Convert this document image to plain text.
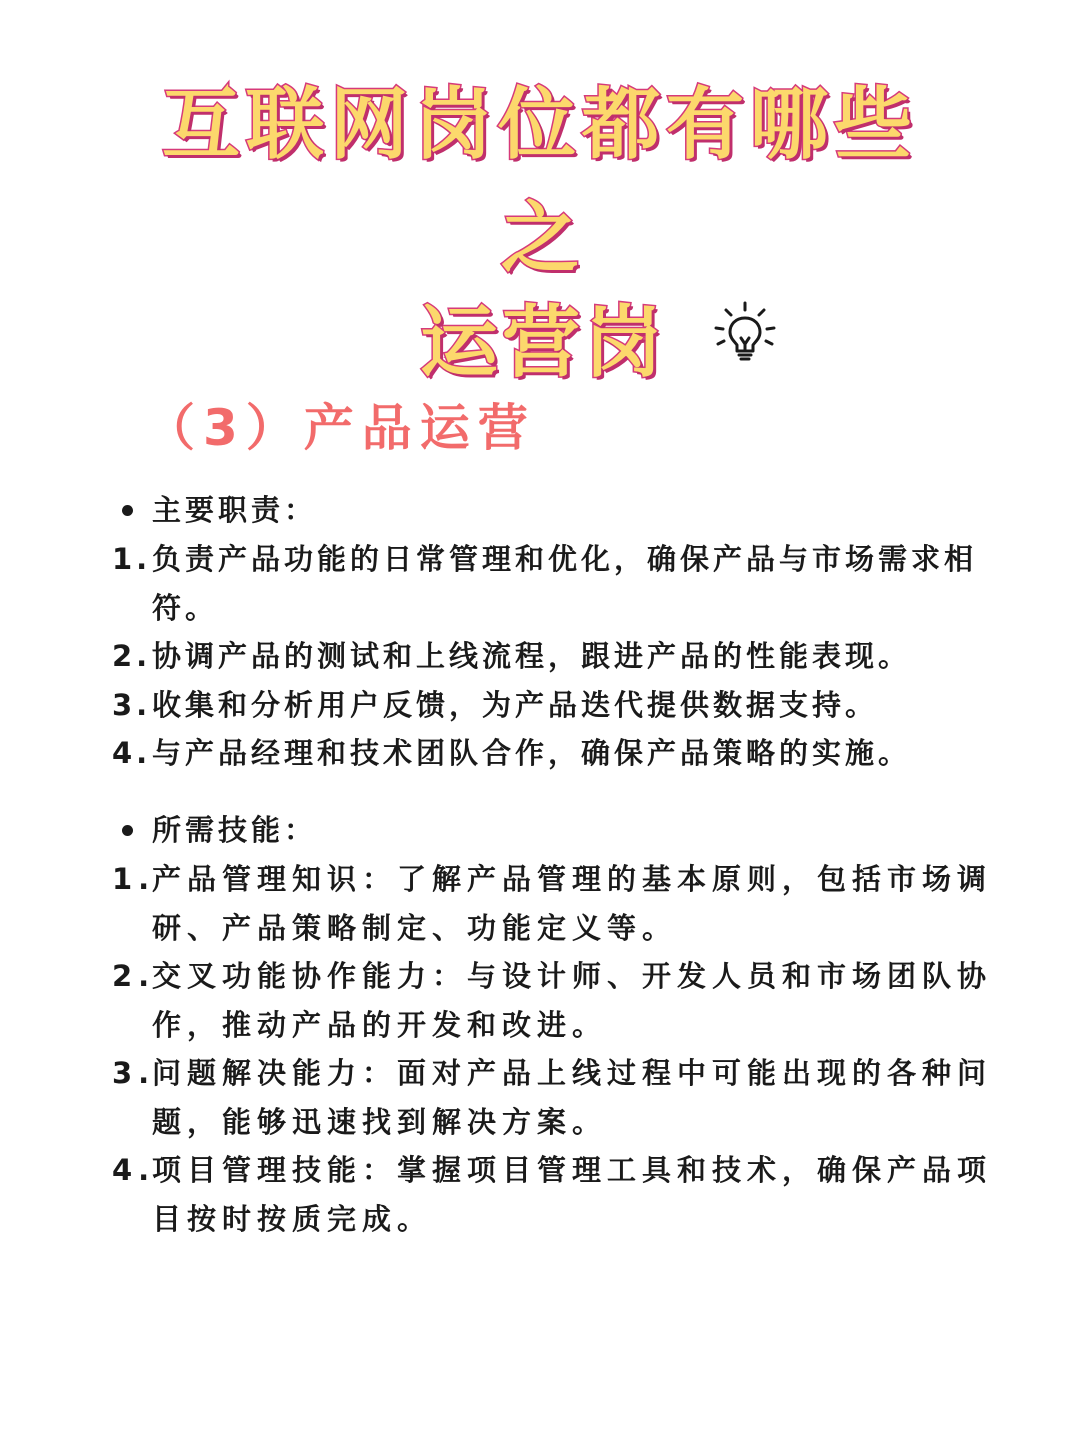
互联网岗位都有哪些
之
运营岗
（3）产品运营
主要职责：
1. 负责产品功能的日常管理和优化，确保产品与市场需求相符。
2. 协调产品的测试和上线流程，跟进产品的性能表现。
3. 收集和分析用户反馈，为产品迭代提供数据支持。
4. 与产品经理和技术团队合作，确保产品策略的实施。
所需技能：
1.
产品管理知识：了解产品管理的基本原则，包括市场调研、产品策略制定、功能定义等。
2.
交叉功能协作能力：与设计师、开发人员和市场团队协作，推动产品的开发和改进。
3.
问题解决能力：面对产品上线过程中可能出现的各种问题，能够迅速找到解决方案。
4.
项目管理技能：掌握项目管理工具和技术，确保产品项目按时按质完成。
